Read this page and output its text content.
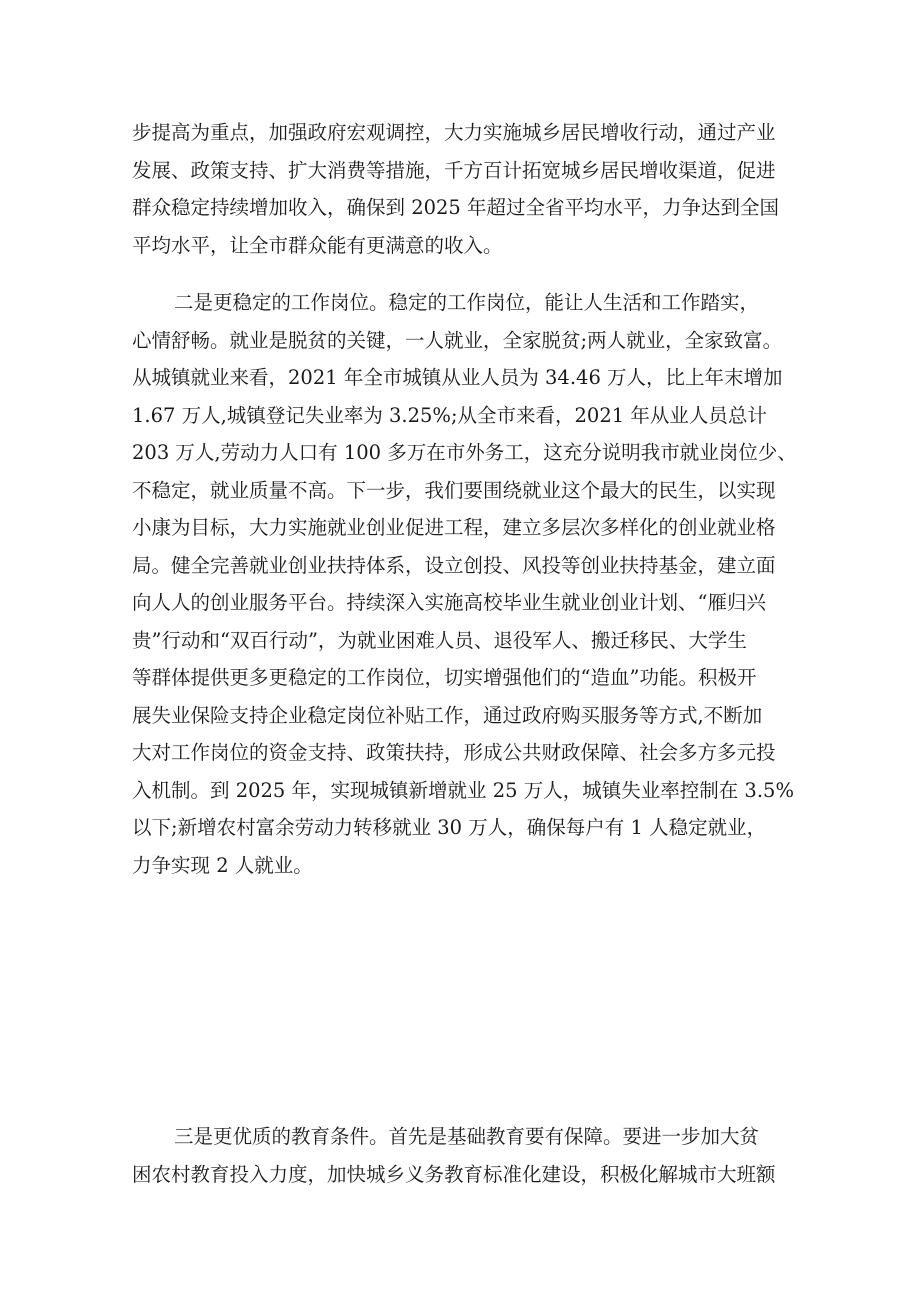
步提高为重点，加强政府宏观调控，大力实施城乡居民增收行动，通过产业
发展、政策支持、扩大消费等措施，千方百计拓宽城乡居民增收渠道，促进
群众稳定持续增加收入，确保到 2025 年超过全省平均水平，力争达到全国
平均水平，让全市群众能有更满意的收入。

二是更稳定的工作岗位。稳定的工作岗位，能让人生活和工作踏实，
心情舒畅。就业是脱贫的关键，一人就业，全家脱贫;两人就业，全家致富。
从城镇就业来看，2021 年全市城镇从业人员为 34.46 万人，比上年末增加
1.67 万人,城镇登记失业率为 3.25%;从全市来看，2021 年从业人员总计
203 万人,劳动力人口有 100 多万在市外务工，这充分说明我市就业岗位少、
不稳定，就业质量不高。下一步，我们要围绕就业这个最大的民生，以实现
小康为目标，大力实施就业创业促进工程，建立多层次多样化的创业就业格
局。健全完善就业创业扶持体系，设立创投、风投等创业扶持基金，建立面
向人人的创业服务平台。持续深入实施高校毕业生就业创业计划、“雁归兴
贵”行动和“双百行动”，为就业困难人员、退役军人、搬迁移民、大学生
等群体提供更多更稳定的工作岗位，切实增强他们的“造血”功能。积极开
展失业保险支持企业稳定岗位补贴工作，通过政府购买服务等方式,不断加
大对工作岗位的资金支持、政策扶持，形成公共财政保障、社会多方多元投
入机制。到 2025 年，实现城镇新增就业 25 万人，城镇失业率控制在 3.5%
以下;新增农村富余劳动力转移就业 30 万人，确保每户有 1 人稳定就业，
力争实现 2 人就业。

三是更优质的教育条件。首先是基础教育要有保障。要进一步加大贫
困农村教育投入力度，加快城乡义务教育标准化建设，积极化解城市大班额
